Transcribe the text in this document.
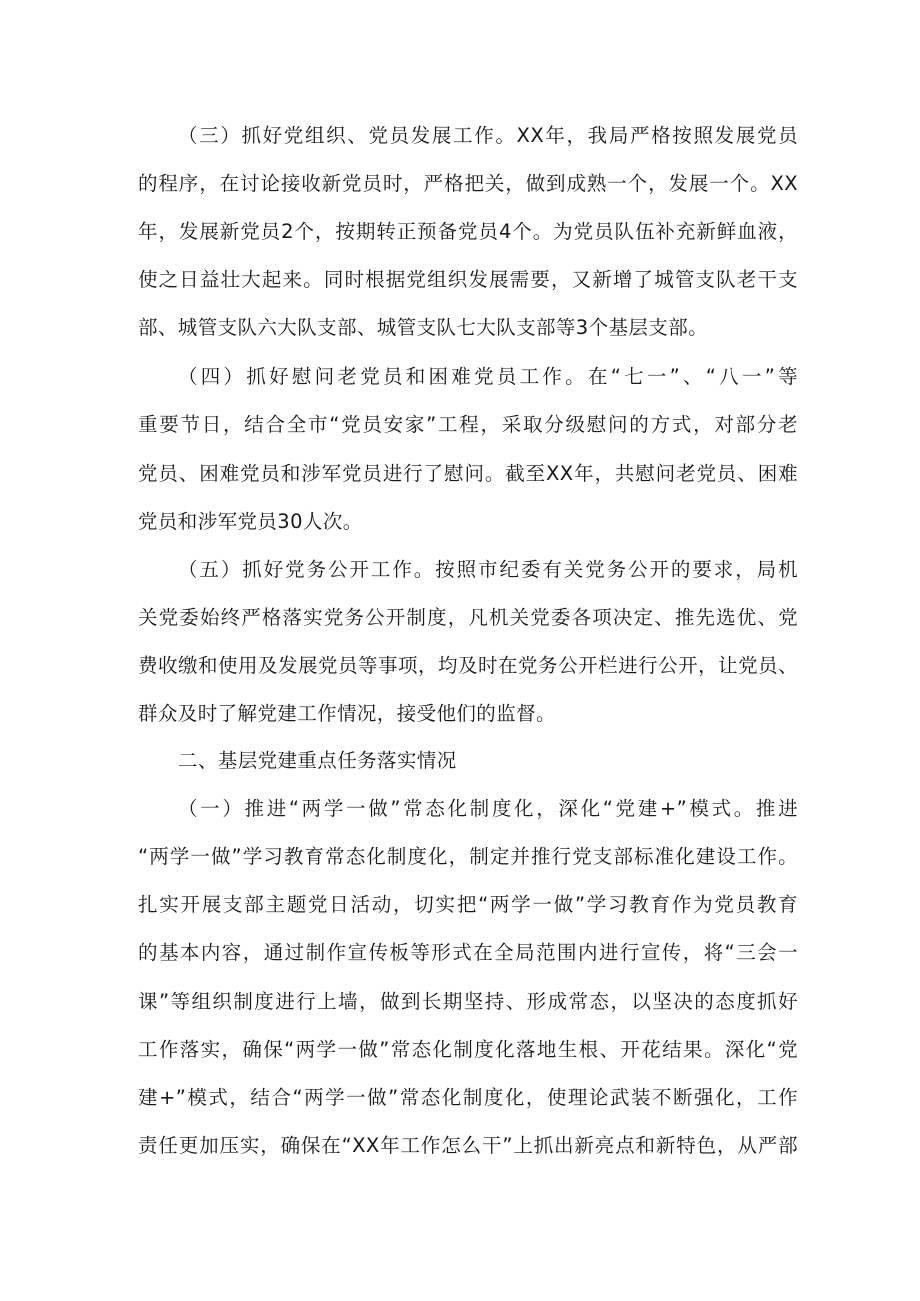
（三）抓好党组织、党员发展工作。XX年，我局严格按照发展党员
的程序，在讨论接收新党员时，严格把关，做到成熟一个，发展一个。XX
年，发展新党员2个，按期转正预备党员4个。为党员队伍补充新鲜血液，
使之日益壮大起来。同时根据党组织发展需要，又新增了城管支队老干支
部、城管支队六大队支部、城管支队七大队支部等3个基层支部。
（四）抓好慰问老党员和困难党员工作。在“七一”、“八一”等
重要节日，结合全市“党员安家”工程，采取分级慰问的方式，对部分老
党员、困难党员和涉军党员进行了慰问。截至XX年，共慰问老党员、困难
党员和涉军党员30人次。
（五）抓好党务公开工作。按照市纪委有关党务公开的要求，局机
关党委始终严格落实党务公开制度，凡机关党委各项决定、推先选优、党
费收缴和使用及发展党员等事项，均及时在党务公开栏进行公开，让党员、
群众及时了解党建工作情况，接受他们的监督。
二、基层党建重点任务落实情况
（一）推进“两学一做”常态化制度化，深化“党建+”模式。推进
“两学一做”学习教育常态化制度化，制定并推行党支部标准化建设工作。
扎实开展支部主题党日活动，切实把“两学一做”学习教育作为党员教育
的基本内容，通过制作宣传板等形式在全局范围内进行宣传，将“三会一
课”等组织制度进行上墙，做到长期坚持、形成常态，以坚决的态度抓好
工作落实，确保“两学一做”常态化制度化落地生根、开花结果。深化“党
建+”模式，结合“两学一做”常态化制度化，使理论武装不断强化，工作
责任更加压实，确保在“XX年工作怎么干”上抓出新亮点和新特色，从严部
